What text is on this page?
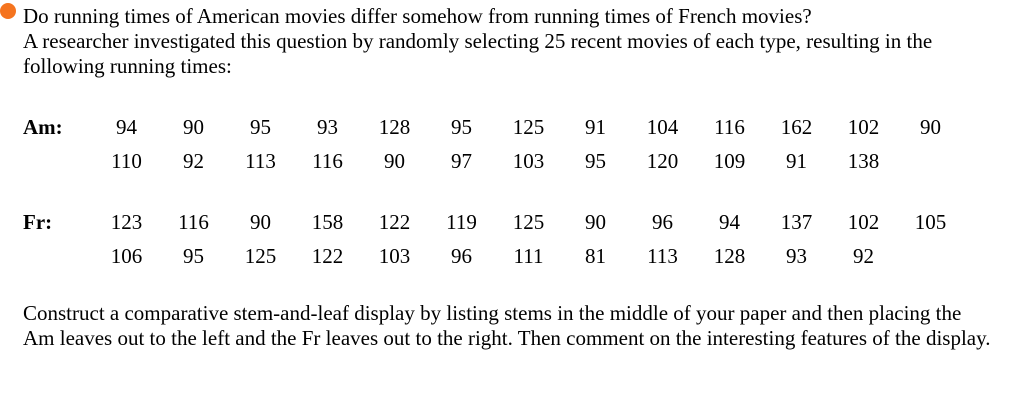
Do running times of American movies differ somehow from running times of French movies?

A researcher investigated this question by randomly selecting 25 recent movies of each type, resulting in the following running times:

Am:	94	90	95	93	128	95	125	91	104	116	162	102	90
	110	92	113	116	90	97	103	95	120	109	91	138	
Fr:	123	116	90	158	122	119	125	90	96	94	137	102	105
	106	95	125	122	103	96	111	81	113	128	93	92	

Construct a comparative stem-and-leaf display by listing stems in the middle of your paper and then placing the Am leaves out to the left and the Fr leaves out to the right. Then comment on the interesting features of the display.
